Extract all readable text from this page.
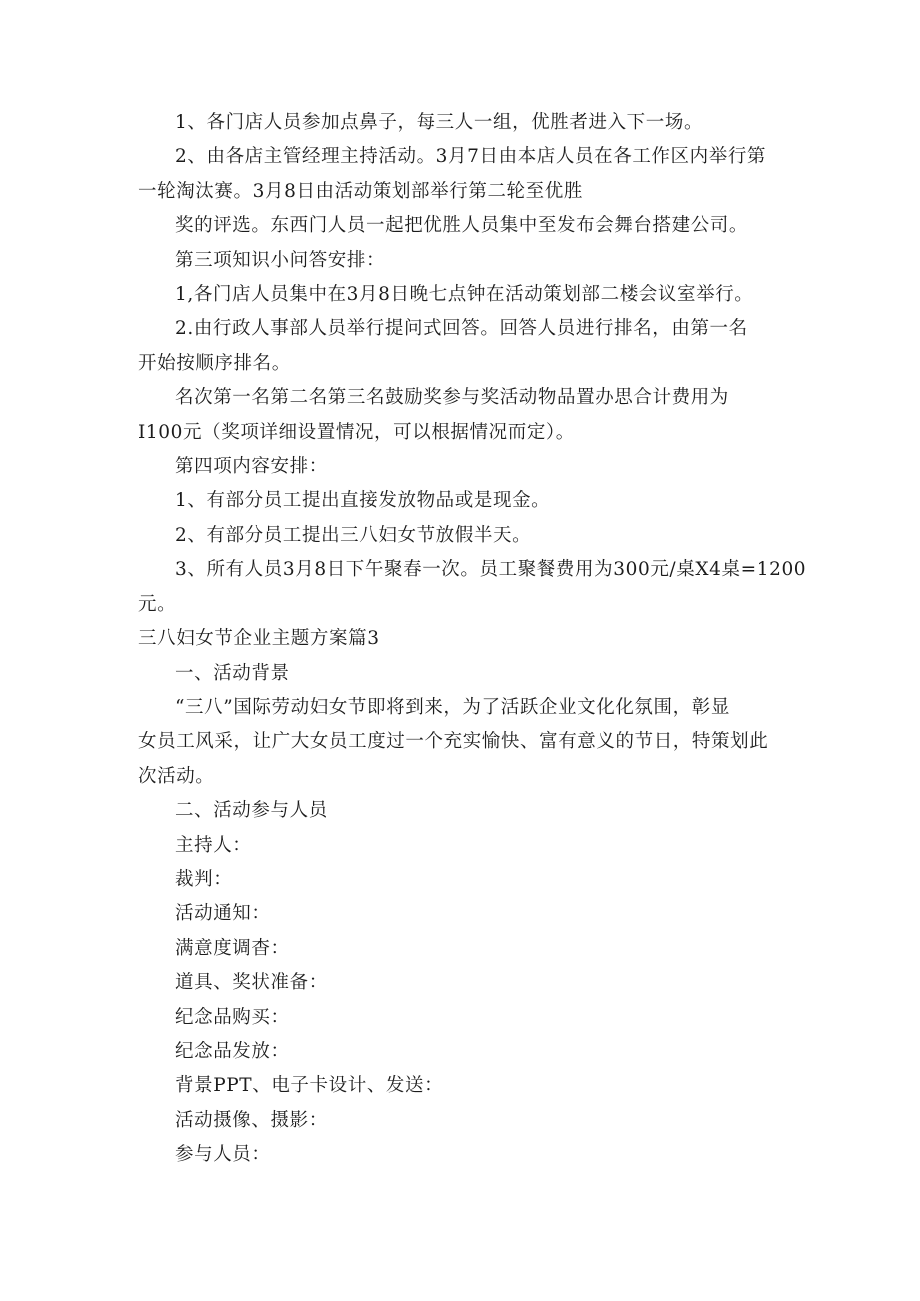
1、各门店人员参加点鼻子，每三人一组，优胜者进入下一场。

2、由各店主管经理主持活动。3月7日由本店人员在各工作区内举行第

一轮淘汰赛。3月8日由活动策划部举行第二轮至优胜

奖的评选。东西门人员一起把优胜人员集中至发布会舞台搭建公司。

第三项知识小问答安排：

1,各门店人员集中在3月8日晚七点钟在活动策划部二楼会议室举行。

2.由行政人事部人员举行提问式回答。回答人员进行排名，由第一名

开始按顺序排名。

名次第一名第二名第三名鼓励奖参与奖活动物品置办思合计费用为

I100元（奖项详细设置情况，可以根据情况而定）。

第四项内容安排：

1、有部分员工提出直接发放物品或是现金。

2、有部分员工提出三八妇女节放假半天。

3、所有人员3月8日下午聚春一次。员工聚餐费用为300元/桌X4桌=1200

元。

三八妇女节企业主题方案篇3

一、活动背景

“三八”国际劳动妇女节即将到来，为了活跃企业文化化氛围，彰显

女员工风采，让广大女员工度过一个充实愉快、富有意义的节日，特策划此

次活动。

二、活动参与人员

主持人：

裁判：

活动通知：

满意度调杳：

道具、奖状准备：

纪念品购买：

纪念品发放：

背景PPT、电子卡设计、发送：

活动摄像、摄影：

参与人员：
